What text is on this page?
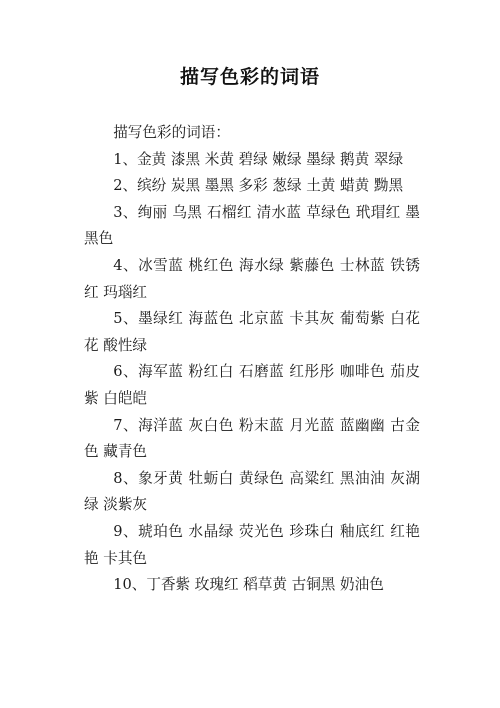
描写色彩的词语

描写色彩的词语：

1、金黄 漆黑 米黄 碧绿 嫩绿 墨绿 鹅黄 翠绿

2、缤纷 炭黑 墨黑 多彩 葱绿 土黄 蜡黄 黝黑

3、绚丽 乌黑 石榴红 清水蓝 草绿色 玳瑁红 墨黑色

4、冰雪蓝 桃红色 海水绿 紫藤色 士林蓝 铁锈红 玛瑙红

5、墨绿红 海蓝色 北京蓝 卡其灰 葡萄紫 白花花 酸性绿

6、海军蓝 粉红白 石磨蓝 红彤彤 咖啡色 茄皮紫 白皑皑

7、海洋蓝 灰白色 粉末蓝 月光蓝 蓝幽幽 古金色 藏青色

8、象牙黄 牡蛎白 黄绿色 高粱红 黑油油 灰湖绿 淡紫灰

9、琥珀色 水晶绿 荧光色 珍珠白 釉底红 红艳艳 卡其色

10、丁香紫 玫瑰红 稻草黄 古铜黑 奶油色
